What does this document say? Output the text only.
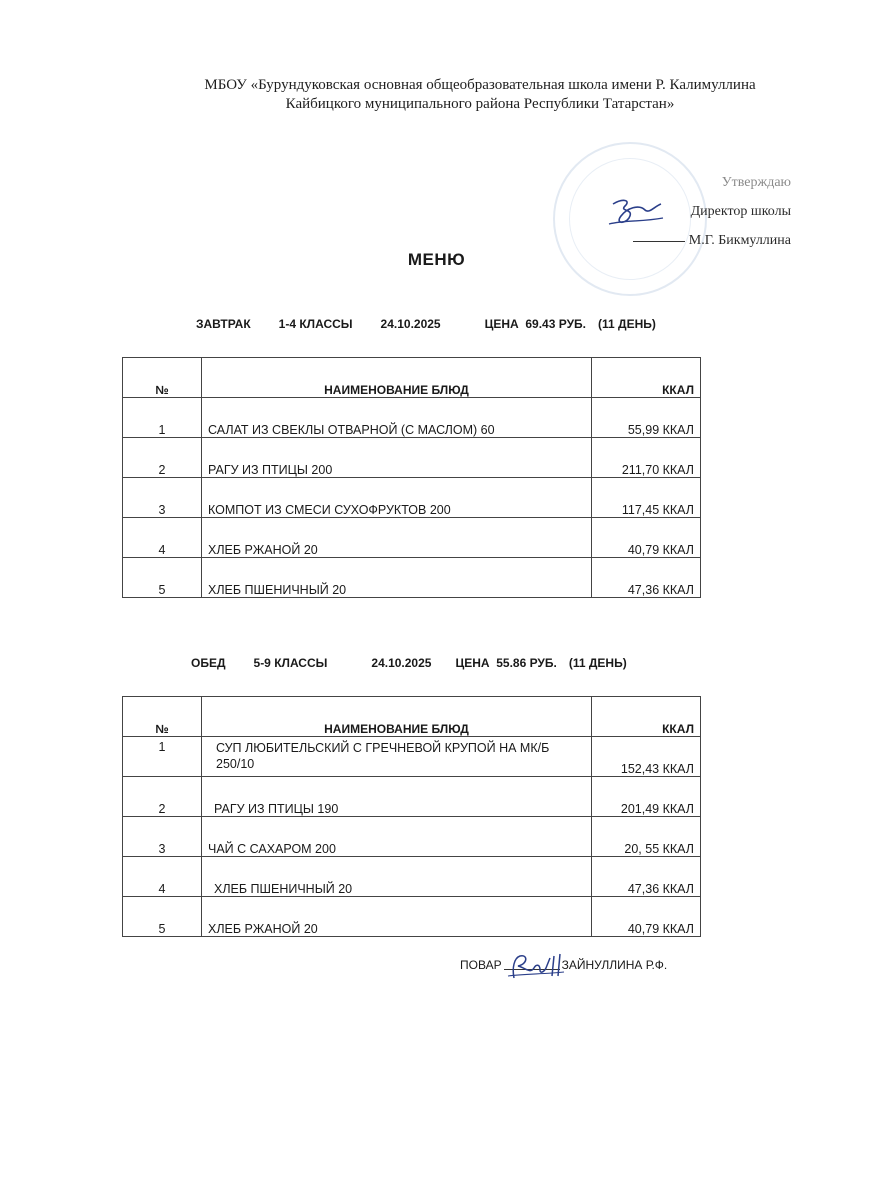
МБОУ «Бурундуковская основная общеобразовательная школа имени Р. Калимуллина
Кайбицкого муниципального района Республики Татарстан»
Утверждаю
Директор школы
М.Г. Бикмуллина
МЕНЮ
ЗАВТРАК 1-4 КЛАССЫ 24.10.2025	ЦЕНА  69.43 РУБ. (11 ДЕНЬ)
№	НАИМЕНОВАНИЕ БЛЮД	ККАЛ
1	САЛАТ ИЗ СВЕКЛЫ ОТВАРНОЙ (С МАСЛОМ) 60	55,99 ККАЛ
2	РАГУ ИЗ ПТИЦЫ 200	211,70 ККАЛ
3	КОМПОТ ИЗ СМЕСИ СУХОФРУКТОВ 200	117,45 ККАЛ
4	ХЛЕБ РЖАНОЙ 20	40,79 ККАЛ
5	ХЛЕБ ПШЕНИЧНЫЙ 20	47,36 ККАЛ
ОБЕД 5-9 КЛАССЫ	24.10.2025 ЦЕНА  55.86 РУБ. (11 ДЕНЬ)
№	НАИМЕНОВАНИЕ БЛЮД	ККАЛ
1	СУП ЛЮБИТЕЛЬСКИЙ С ГРЕЧНЕВОЙ КРУПОЙ НА МК/Б 250/10	152,43 ККАЛ
2	РАГУ ИЗ ПТИЦЫ 190	201,49 ККАЛ
3	ЧАЙ С САХАРОМ 200	20, 55 ККАЛ
4	ХЛЕБ ПШЕНИЧНЫЙ 20	47,36 ККАЛ
5	ХЛЕБ РЖАНОЙ 20	40,79 ККАЛ
ПОВАР	ЗАЙНУЛЛИНА Р.Ф.
